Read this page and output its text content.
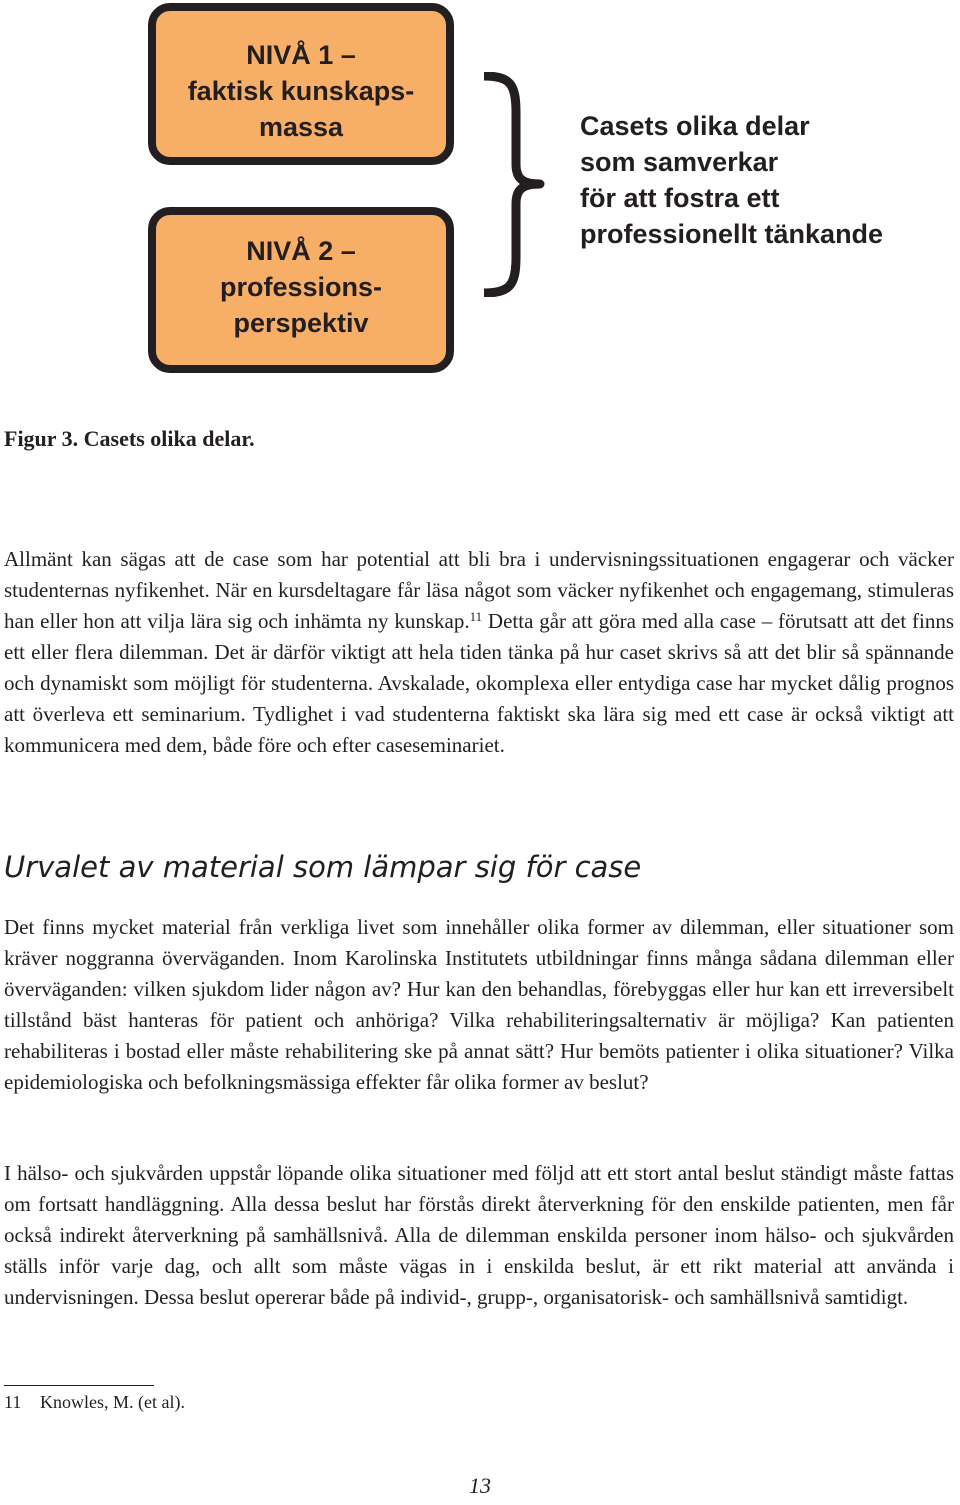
NIVÅ 1 –
faktisk kunskaps-
massa
NIVÅ 2 –
professions-
perspektiv
Casets olika delar
som samverkar
för att fostra ett
professionellt tänkande
Figur 3. Casets olika delar.

Allmänt kan sägas att de case som har potential att bli bra i undervisningssituationen engagerar och väcker studenternas nyfikenhet. När en kursdeltagare får läsa något som väcker nyfikenhet och engagemang, stimuleras han eller hon att vilja lära sig och inhämta ny kunskap.$^{11}$ Detta går att göra med alla case – förutsatt att det finns ett eller flera dilemman. Det är därför viktigt att hela tiden tänka på hur caset skrivs så att det blir så spännande och dynamiskt som möjligt för studenterna. Avskalade, okomplexa eller entydiga case har mycket dålig prognos att överleva ett seminarium. Tydlighet i vad studenterna faktiskt ska lära sig med ett case är också viktigt att kommunicera med dem, både före och efter caseseminariet.

Urvalet av material som lämpar sig för case

Det finns mycket material från verkliga livet som innehåller olika former av dilemman, eller situationer som kräver noggranna överväganden. Inom Karolinska Institutets utbildningar finns många sådana dilemman eller överväganden: vilken sjukdom lider någon av? Hur kan den behandlas, förebyggas eller hur kan ett irreversibelt tillstånd bäst hanteras för patient och anhöriga? Vilka rehabiliteringsalternativ är möjliga? Kan patienten rehabiliteras i bostad eller måste rehabilitering ske på annat sätt? Hur bemöts patienter i olika situationer? Vilka epidemiologiska och befolkningsmässiga effekter får olika former av beslut?

I hälso- och sjukvården uppstår löpande olika situationer med följd att ett stort antal beslut ständigt måste fattas om fortsatt handläggning. Alla dessa beslut har förstås direkt återverkning för den enskilde patienten, men får också indirekt återverkning på samhällsnivå. Alla de dilemman enskilda personer inom hälso- och sjukvården ställs inför varje dag, och allt som måste vägas in i enskilda beslut, är ett rikt material att använda i undervisningen. Dessa beslut opererar både på individ-, grupp-, organisatorisk- och samhällsnivå samtidigt.

11 Knowles, M. (et al).
13
